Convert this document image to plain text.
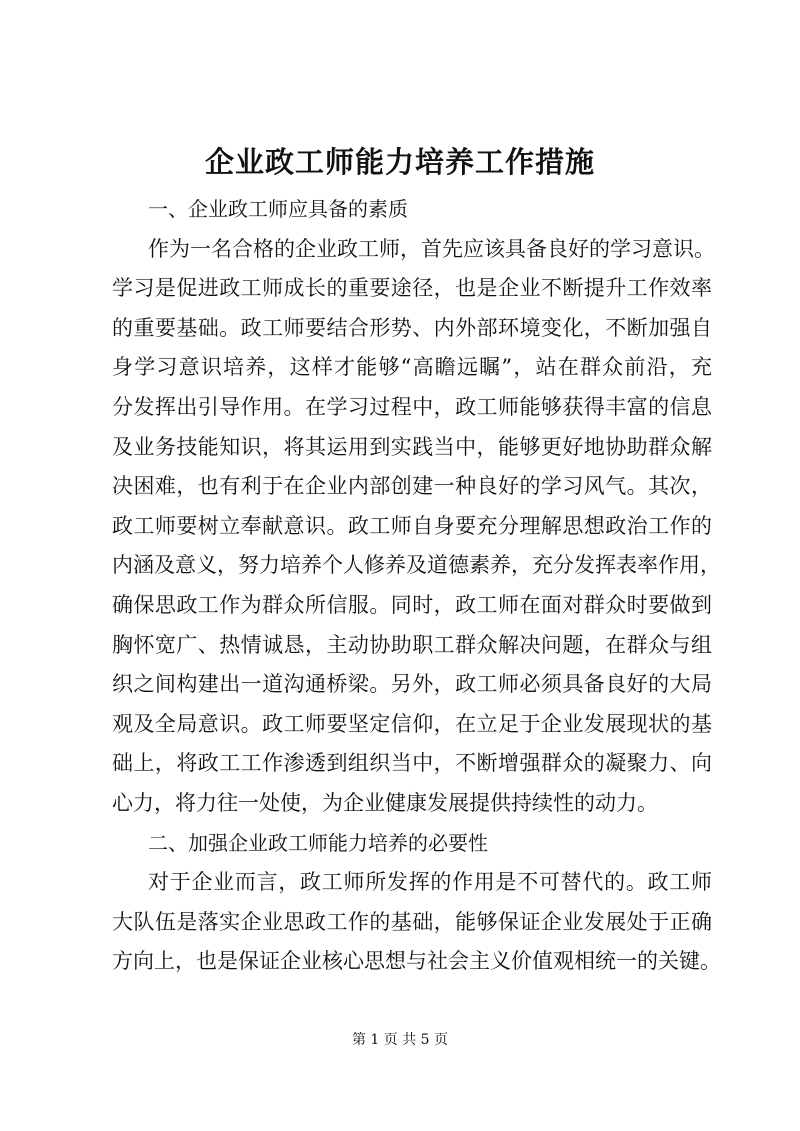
企业政工师能力培养工作措施
一、企业政工师应具备的素质
作为一名合格的企业政工师，首先应该具备良好的学习意识。
学习是促进政工师成长的重要途径，也是企业不断提升工作效率
的重要基础。政工师要结合形势、内外部环境变化，不断加强自
身学习意识培养，这样才能够“高瞻远瞩”，站在群众前沿，充
分发挥出引导作用。在学习过程中，政工师能够获得丰富的信息
及业务技能知识，将其运用到实践当中，能够更好地协助群众解
决困难，也有利于在企业内部创建一种良好的学习风气。其次，
政工师要树立奉献意识。政工师自身要充分理解思想政治工作的
内涵及意义，努力培养个人修养及道德素养，充分发挥表率作用，
确保思政工作为群众所信服。同时，政工师在面对群众时要做到
胸怀宽广、热情诚恳，主动协助职工群众解决问题，在群众与组
织之间构建出一道沟通桥梁。另外，政工师必须具备良好的大局
观及全局意识。政工师要坚定信仰，在立足于企业发展现状的基
础上，将政工工作渗透到组织当中，不断增强群众的凝聚力、向
心力，将力往一处使，为企业健康发展提供持续性的动力。
二、加强企业政工师能力培养的必要性
对于企业而言，政工师所发挥的作用是不可替代的。政工师
大队伍是落实企业思政工作的基础，能够保证企业发展处于正确
方向上，也是保证企业核心思想与社会主义价值观相统一的关键。
第 1 页 共 5 页
